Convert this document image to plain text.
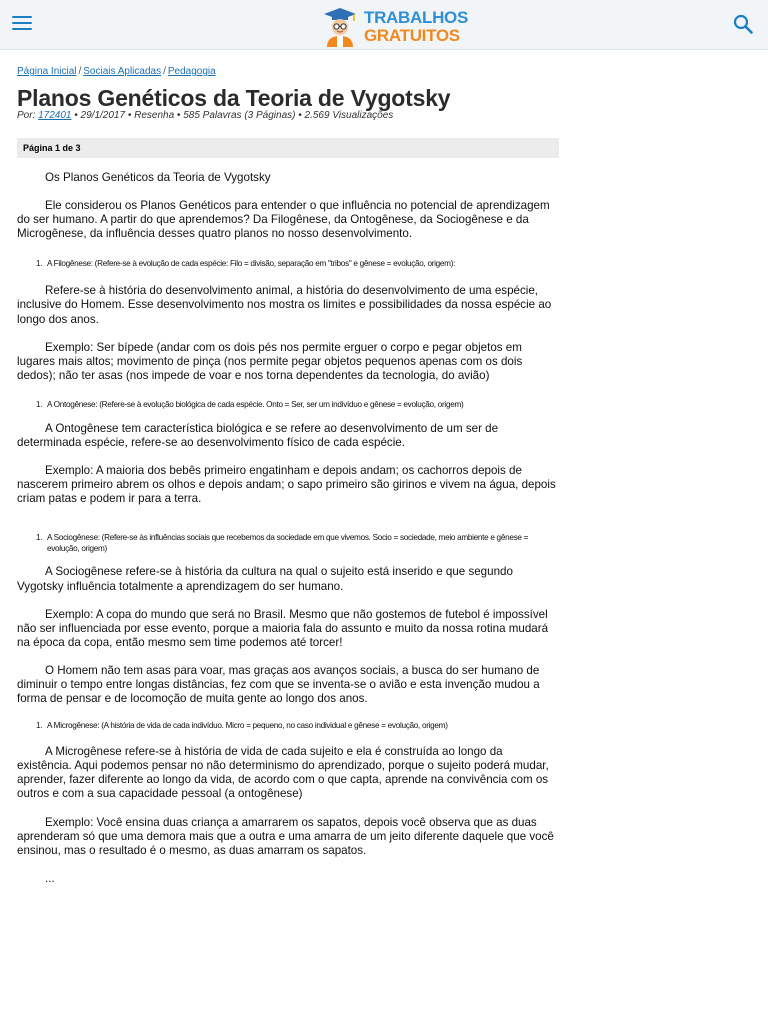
TRABALHOS
GRATUITOS
Página Inicial / Sociais Aplicadas / Pedagogia
Planos Genéticos da Teoria de Vygotsky
Por: 172401 • 29/1/2017 • Resenha • 585 Palavras (3 Páginas) • 2.569 Visualizações
Página 1 de 3

Os Planos Genéticos da Teoria de Vygotsky

Ele considerou os Planos Genéticos para entender o que influência no potencial de aprendizagem do ser humano. A partir do que aprendemos? Da Filogênese, da Ontogênese, da Sociogênese e da Microgênese, da influência desses quatro planos no nosso desenvolvimento.

1. A Filogênese: (Refere-se à evolução de cada espécie: Filo = divisão, separação em "tribos" e gênese = evolução, origem):

Refere-se à história do desenvolvimento animal, a história do desenvolvimento de uma espécie, inclusive do Homem. Esse desenvolvimento nos mostra os limites e possibilidades da nossa espécie ao longo dos anos.

Exemplo: Ser bípede (andar com os dois pés nos permite erguer o corpo e pegar objetos em lugares mais altos; movimento de pinça (nos permite pegar objetos pequenos apenas com os dois dedos); não ter asas (nos impede de voar e nos torna dependentes da tecnologia, do avião)

1. A Ontogênese: (Refere-se à evolução biológica de cada espécie. Onto = Ser, ser um indivíduo e gênese = evolução, origem)

A Ontogênese tem característica biológica e se refere ao desenvolvimento de um ser de determinada espécie, refere-se ao desenvolvimento físico de cada espécie.

Exemplo: A maioria dos bebês primeiro engatinham e depois andam; os cachorros depois de nascerem primeiro abrem os olhos e depois andam; o sapo primeiro são girinos e vivem na água, depois criam patas e podem ir para a terra.

1. A Sociogênese: (Refere-se às influências sociais que recebemos da sociedade em que vivemos. Socio = sociedade, meio ambiente e gênese = evolução, origem)

A Sociogênese refere-se à história da cultura na qual o sujeito está inserido e que segundo Vygotsky influência totalmente a aprendizagem do ser humano.

Exemplo: A copa do mundo que será no Brasil. Mesmo que não gostemos de futebol é impossível não ser influenciada por esse evento, porque a maioria fala do assunto e muito da nossa rotina mudará na época da copa, então mesmo sem time podemos até torcer!

O Homem não tem asas para voar, mas graças aos avanços sociais, a busca do ser humano de diminuir o tempo entre longas distâncias, fez com que se inventa-se o avião e esta invenção mudou a forma de pensar e de locomoção de muita gente ao longo dos anos.

1. A Microgênese: (A história de vida de cada indivíduo. Micro = pequeno, no caso individual e gênese = evolução, origem)

A Microgênese refere-se à história de vida de cada sujeito e ela é construída ao longo da existência. Aqui podemos pensar no não determinismo do aprendizado, porque o sujeito poderá mudar, aprender, fazer diferente ao longo da vida, de acordo com o que capta, aprende na convivência com os outros e com a sua capacidade pessoal (a ontogênese)

Exemplo: Você ensina duas criança a amarrarem os sapatos, depois você observa que as duas aprenderam só que uma demora mais que a outra e uma amarra de um jeito diferente daquele que você ensinou, mas o resultado é o mesmo, as duas amarram os sapatos.

...
